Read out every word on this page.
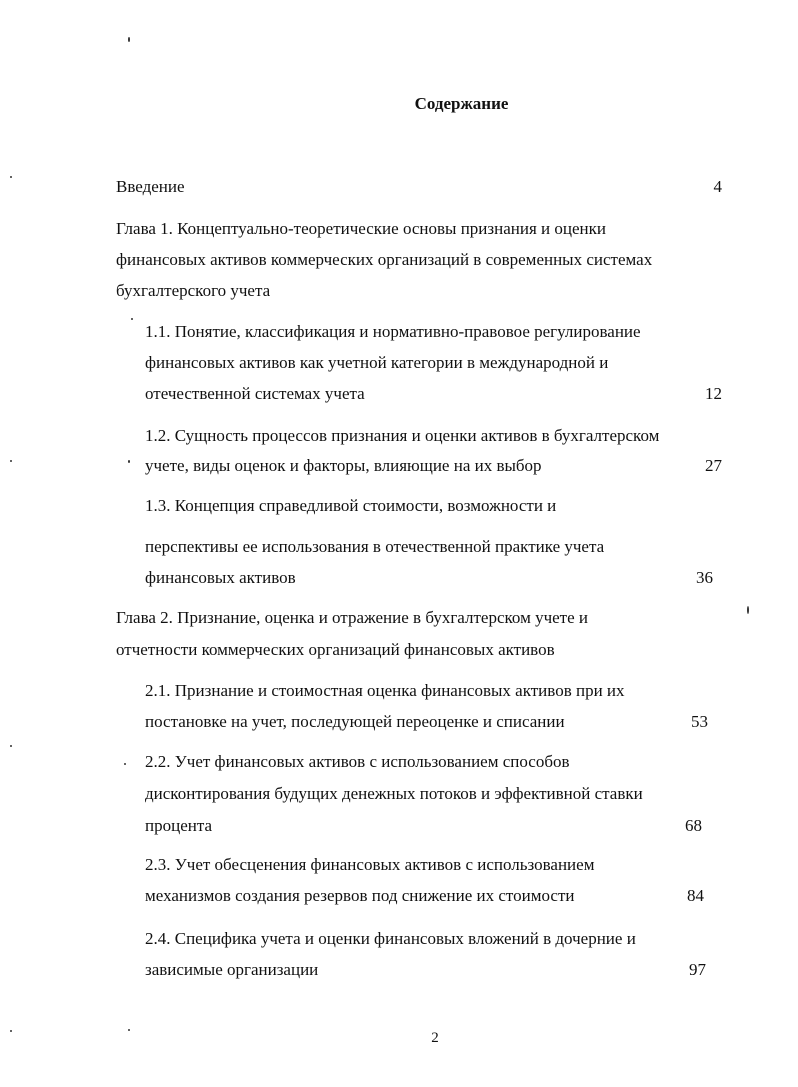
Содержание
Введение	4
Глава 1. Концептуально-теоретические основы признания и оценки
финансовых активов коммерческих организаций в современных системах
бухгалтерского учета
1.1. Понятие, классификация и нормативно-правовое регулирование
финансовых активов как учетной категории в международной и
отечественной системах учета	12
1.2. Сущность процессов признания и оценки активов в бухгалтерском
учете, виды оценок и факторы, влияющие на их выбор	27
1.3. Концепция справедливой стоимости, возможности и
перспективы ее использования в отечественной практике учета
финансовых активов	36
Глава 2. Признание, оценка и отражение в бухгалтерском учете и
отчетности коммерческих организаций финансовых активов
2.1. Признание и стоимостная оценка финансовых активов при их
постановке на учет, последующей переоценке и списании	53
2.2. Учет финансовых активов с использованием способов
дисконтирования будущих денежных потоков и эффективной ставки
процента	68
2.3. Учет обесценения финансовых активов с использованием
механизмов создания резервов под снижение их стоимости	84
2.4. Специфика учета и оценки финансовых вложений в дочерние и
зависимые организации	97
2
